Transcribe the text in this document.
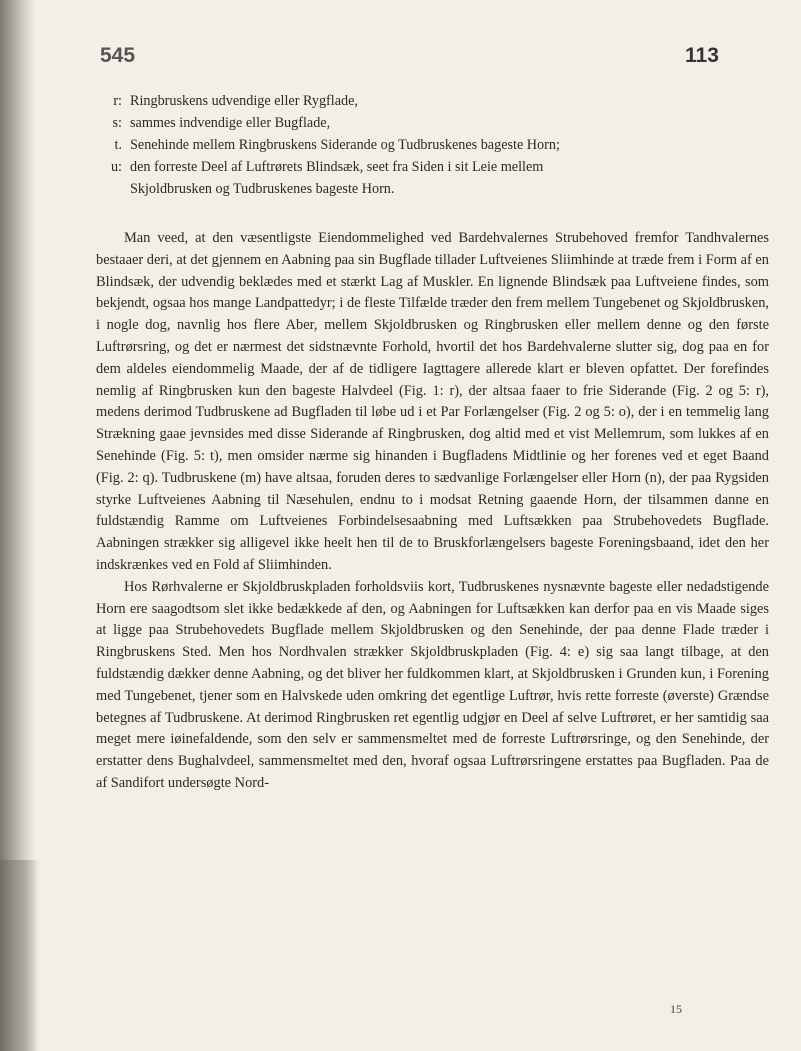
545	113
r: Ringbruskens udvendige eller Rygflade,
s: sammes indvendige eller Bugflade,
t. Senehinde mellem Ringbruskens Siderande og Tudbruskenes bageste Horn;
u: den forreste Deel af Luftrørets Blindsæk, seet fra Siden i sit Leie mellem
Skjoldbrusken og Tudbruskenes bageste Horn.

Man veed, at den væsentligste Eiendommelighed ved Bardehvalernes Strubehoved fremfor Tandhvalernes bestaaer deri, at det gjennem en Aabning paa sin Bugflade tillader Luftveienes Sliimhinde at træde frem i Form af en Blindsæk, der udvendig beklædes med et stærkt Lag af Muskler. En lignende Blindsæk paa Luftveiene findes, som bekjendt, ogsaa hos mange Landpattedyr; i de fleste Tilfælde træder den frem mellem Tungebenet og Skjoldbrusken, i nogle dog, navnlig hos flere Aber, mellem Skjoldbrusken og Ringbrusken eller mellem denne og den første Luftrørsring, og det er nærmest det sidstnævnte Forhold, hvortil det hos Bardehvalerne slutter sig, dog paa en for dem aldeles eiendommelig Maade, der af de tidligere Iagttagere allerede klart er bleven opfattet. Der forefindes nemlig af Ringbrusken kun den bageste Halvdeel (Fig. 1: r), der altsaa faaer to frie Siderande (Fig. 2 og 5: r), medens derimod Tudbruskene ad Bugfladen til løbe ud i et Par Forlængelser (Fig. 2 og 5: o), der i en temmelig lang Strækning gaae jevnsides med disse Siderande af Ringbrusken, dog altid med et vist Mellemrum, som lukkes af en Senehinde (Fig. 5: t), men omsider nærme sig hinanden i Bugfladens Midtlinie og her forenes ved et eget Baand (Fig. 2: q). Tudbruskene (m) have altsaa, foruden deres to sædvanlige Forlængelser eller Horn (n), der paa Rygsiden styrke Luftveienes Aabning til Næsehulen, endnu to i modsat Retning gaaende Horn, der tilsammen danne en fuldstændig Ramme om Luftveienes Forbindelsesaabning med Luftsækken paa Strubehovedets Bugflade. Aabningen strækker sig alligevel ikke heelt hen til de to Bruskforlængelsers bageste Foreningsbaand, idet den her indskrænkes ved en Fold af Sliimhinden.

Hos Rørhvalerne er Skjoldbruskpladen forholdsviis kort, Tudbruskenes nysnævnte bageste eller nedadstigende Horn ere saagodtsom slet ikke bedækkede af den, og Aabningen for Luftsækken kan derfor paa en vis Maade siges at ligge paa Strubehovedets Bugflade mellem Skjoldbrusken og den Senehinde, der paa denne Flade træder i Ringbruskens Sted. Men hos Nordhvalen strækker Skjoldbruskpladen (Fig. 4: e) sig saa langt tilbage, at den fuldstændig dækker denne Aabning, og det bliver her fuldkommen klart, at Skjoldbrusken i Grunden kun, i Forening med Tungebenet, tjener som en Halvskede uden omkring det egentlige Luftrør, hvis rette forreste (øverste) Grændse betegnes af Tudbruskene. At derimod Ringbrusken ret egentlig udgjør en Deel af selve Luftrøret, er her samtidig saa meget mere iøinefaldende, som den selv er sammensmeltet med de forreste Luftrørsringe, og den Senehinde, der erstatter dens Bughalvdeel, sammensmeltet med den, hvoraf ogsaa Luftrørsringene erstattes paa Bugfladen. Paa de af Sandifort undersøgte Nord-

15
